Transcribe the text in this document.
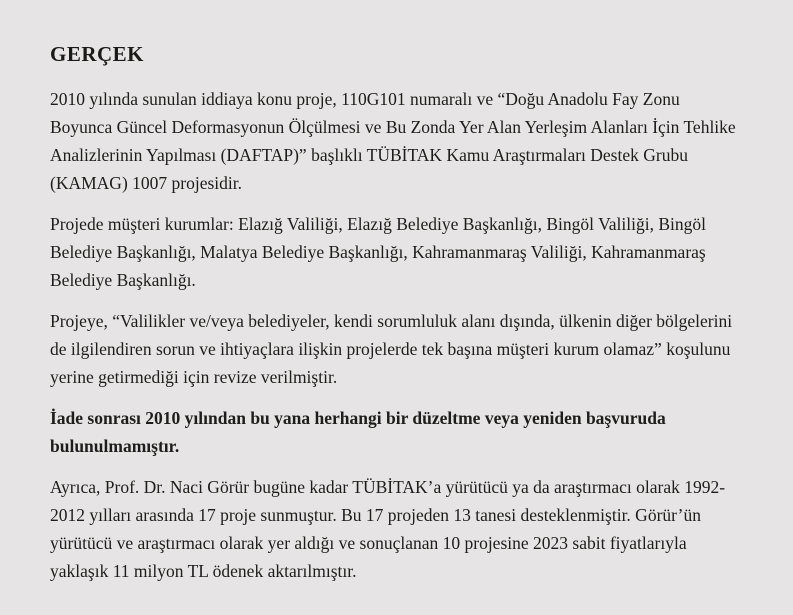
GERÇEK

2010 yılında sunulan iddiaya konu proje, 110G101 numaralı ve “Doğu Anadolu Fay Zonu Boyunca Güncel Deformasyonun Ölçülmesi ve Bu Zonda Yer Alan Yerleşim Alanları İçin Tehlike Analizlerinin Yapılması (DAFTAP)” başlıklı TÜBİTAK Kamu Araştırmaları Destek Grubu (KAMAG) 1007 projesidir.

Projede müşteri kurumlar: Elazığ Valiliği, Elazığ Belediye Başkanlığı, Bingöl Valiliği, Bingöl Belediye Başkanlığı, Malatya Belediye Başkanlığı, Kahramanmaraş Valiliği, Kahramanmaraş Belediye Başkanlığı.

Projeye, “Valilikler ve/veya belediyeler, kendi sorumluluk alanı dışında, ülkenin diğer bölgelerini de ilgilendiren sorun ve ihtiyaçlara ilişkin projelerde tek başına müşteri kurum olamaz” koşulunu yerine getirmediği için revize verilmiştir.

İade sonrası 2010 yılından bu yana herhangi bir düzeltme veya yeniden başvuruda bulunulmamıştır.

Ayrıca, Prof. Dr. Naci Görür bugüne kadar TÜBİTAK’a yürütücü ya da araştırmacı olarak 1992-2012 yılları arasında 17 proje sunmuştur. Bu 17 projeden 13 tanesi desteklenmiştir. Görür’ün yürütücü ve araştırmacı olarak yer aldığı ve sonuçlanan 10 projesine 2023 sabit fiyatlarıyla yaklaşık 11 milyon TL ödenek aktarılmıştır.
